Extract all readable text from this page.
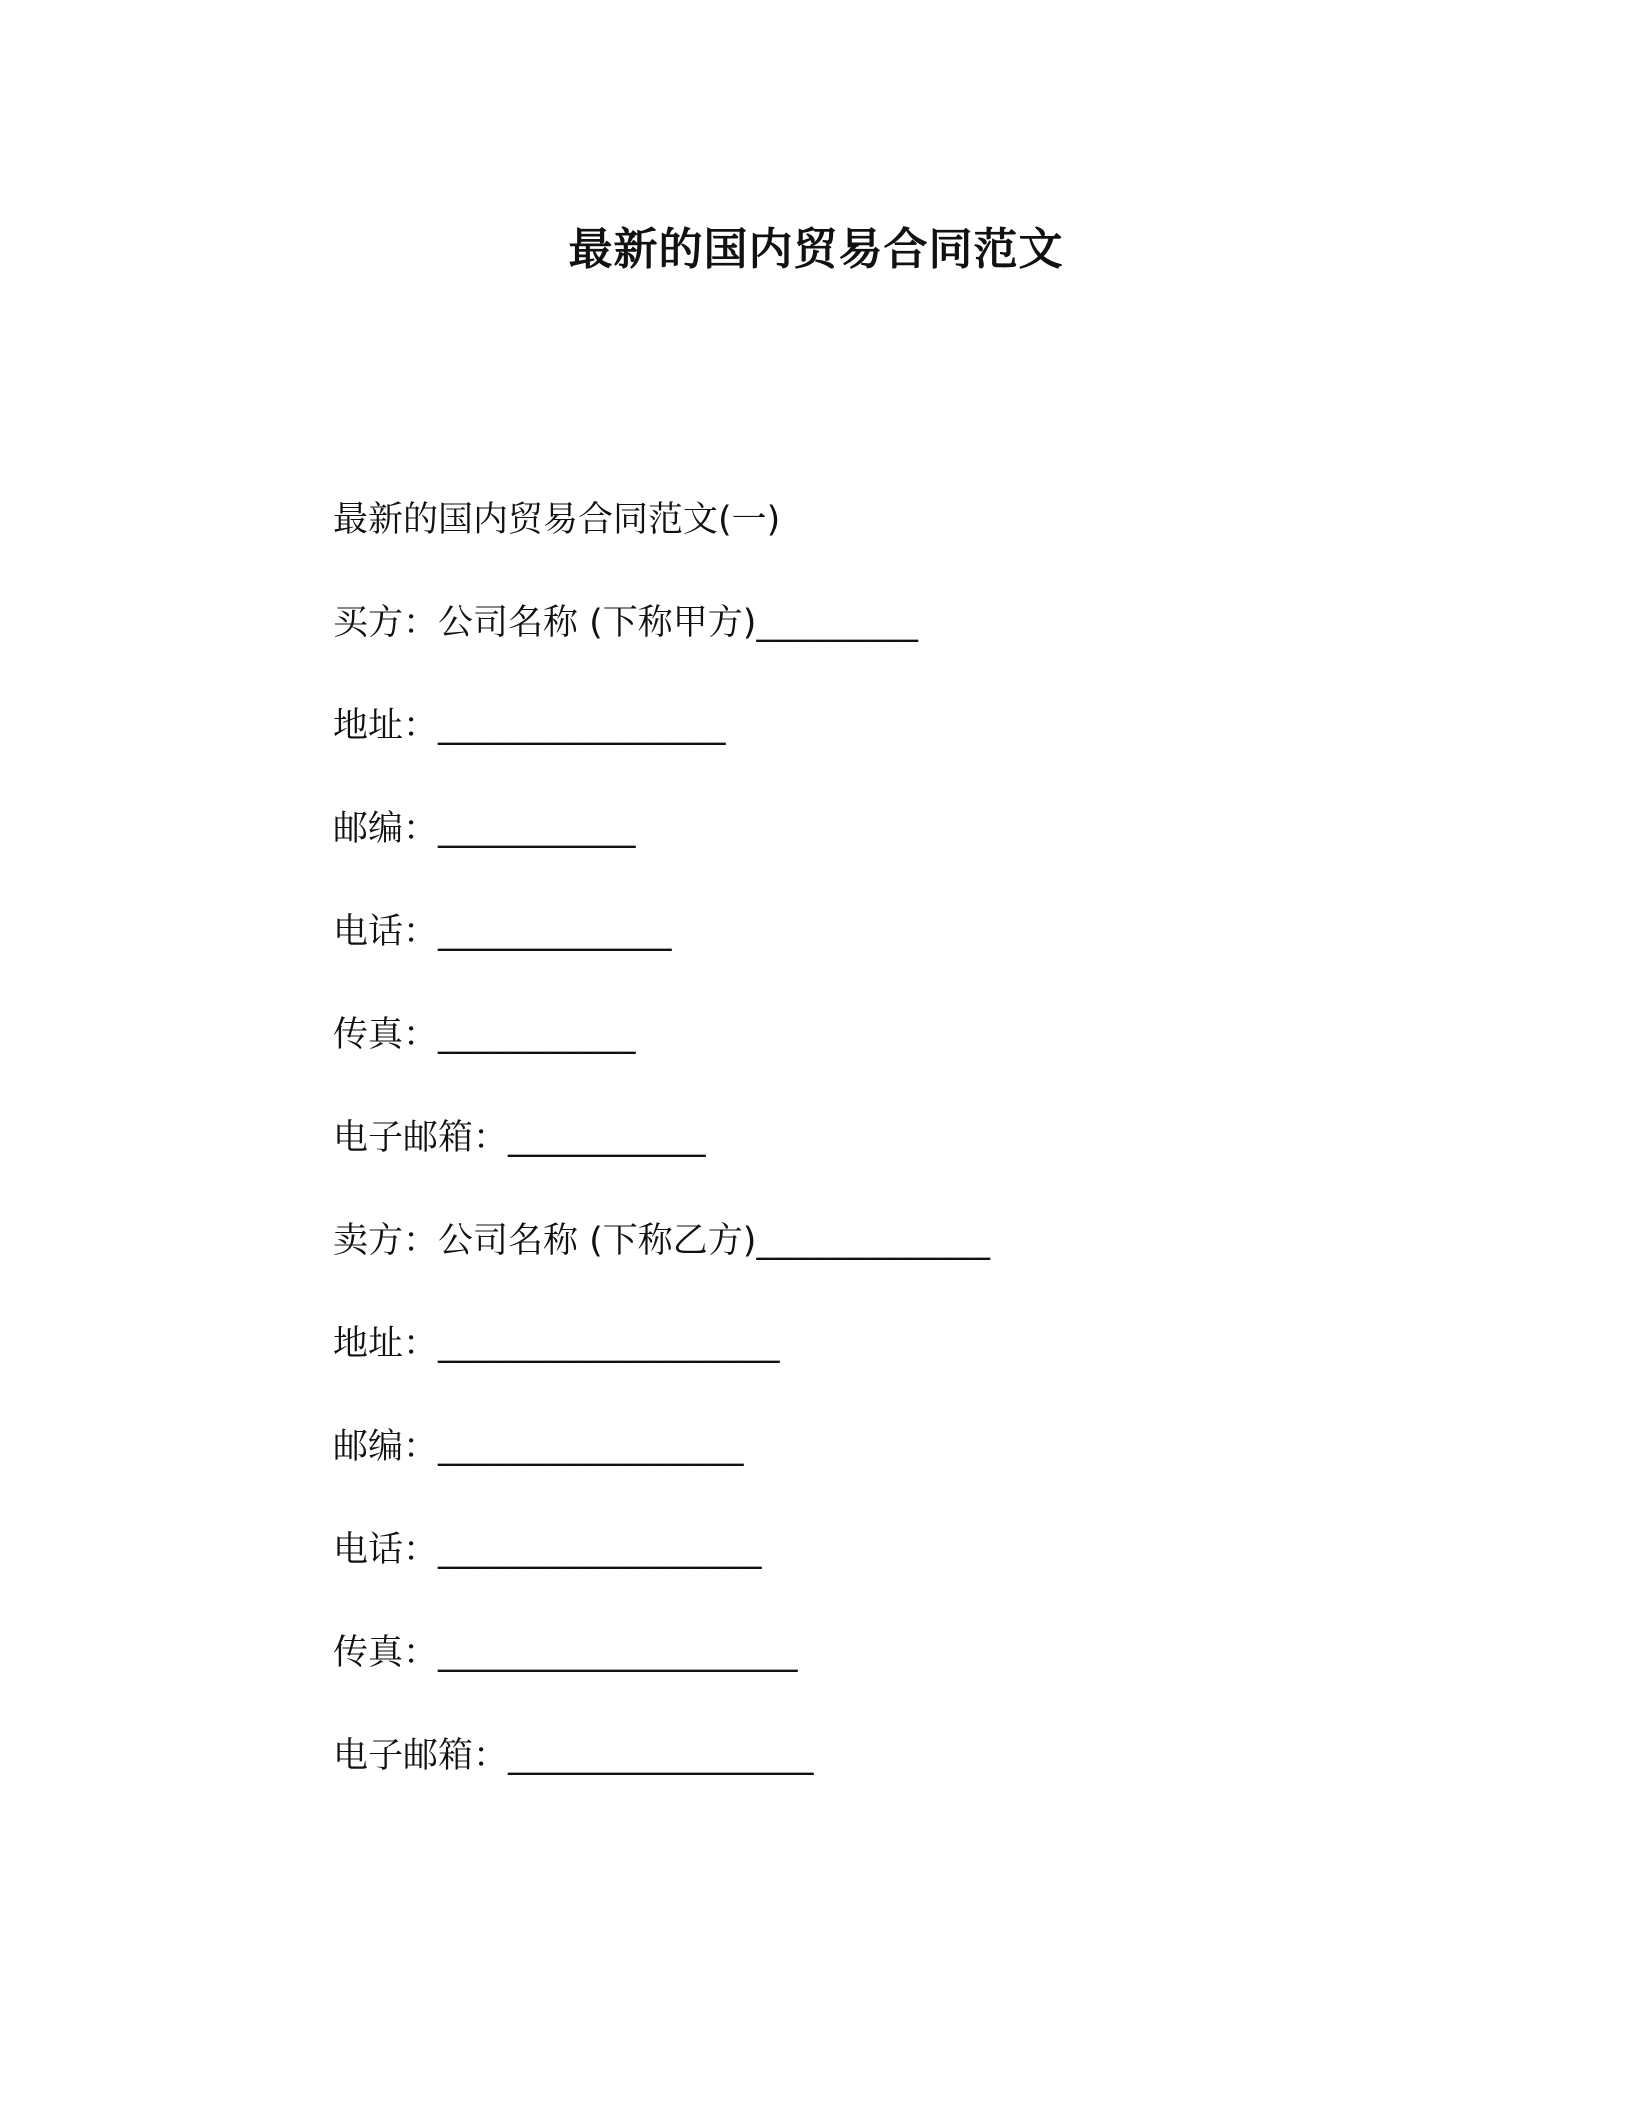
最新的国内贸易合同范文
最新的国内贸易合同范文(一)
买方：公司名称 (下称甲方)_________
地址：________________
邮编：___________
电话：_____________
传真：___________
电子邮箱：___________
卖方：公司名称 (下称乙方)_____________
地址：___________________
邮编：_________________
电话：__________________
传真：____________________
电子邮箱：_________________
